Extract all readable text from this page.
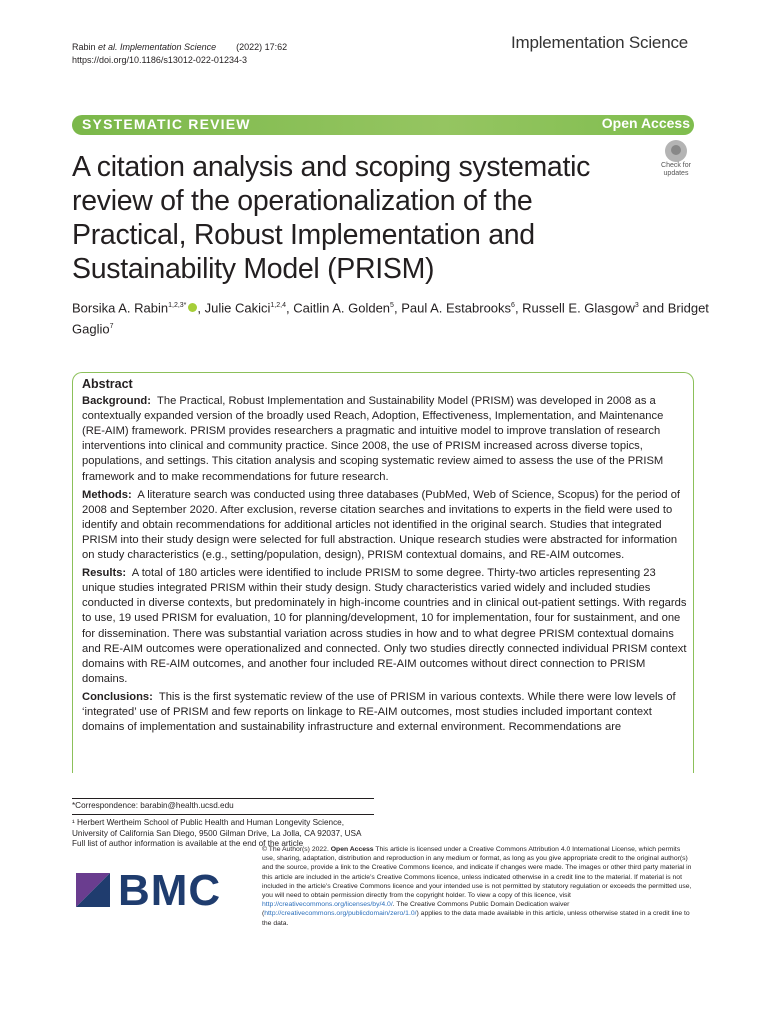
Rabin et al. Implementation Science (2022) 17:62
https://doi.org/10.1186/s13012-022-01234-3
Implementation Science
SYSTEMATIC REVIEW	Open Access
A citation analysis and scoping systematic review of the operationalization of the Practical, Robust Implementation and Sustainability Model (PRISM)
Check for
updates
Borsika A. Rabin$^{1,2,3*}$ , Julie Cakici$^{1,2,4}$, Caitlin A. Golden$^5$, Paul A. Estabrooks$^6$, Russell E. Glasgow$^3$ and Bridget Gaglio$^7$
Abstract

Background: The Practical, Robust Implementation and Sustainability Model (PRISM) was developed in 2008 as a contextually expanded version of the broadly used Reach, Adoption, Effectiveness, Implementation, and Maintenance (RE-AIM) framework. PRISM provides researchers a pragmatic and intuitive model to improve translation of research interventions into clinical and community practice. Since 2008, the use of PRISM increased across diverse topics, populations, and settings. This citation analysis and scoping systematic review aimed to assess the use of the PRISM framework and to make recommendations for future research.

Methods: A literature search was conducted using three databases (PubMed, Web of Science, Scopus) for the period of 2008 and September 2020. After exclusion, reverse citation searches and invitations to experts in the field were used to identify and obtain recommendations for additional articles not identified in the original search. Studies that integrated PRISM into their study design were selected for full abstraction. Unique research studies were abstracted for information on study characteristics (e.g., setting/population, design), PRISM contextual domains, and RE-AIM outcomes.

Results: A total of 180 articles were identified to include PRISM to some degree. Thirty-two articles representing 23 unique studies integrated PRISM within their study design. Study characteristics varied widely and included studies conducted in diverse contexts, but predominately in high-income countries and in clinical out-patient settings. With regards to use, 19 used PRISM for evaluation, 10 for planning/development, 10 for implementation, four for sustainment, and one for dissemination. There was substantial variation across studies in how and to what degree PRISM contextual domains and RE-AIM outcomes were operationalized and connected. Only two studies directly connected individual PRISM context domains with RE-AIM outcomes, and another four included RE-AIM outcomes without direct connection to PRISM domains.

Conclusions: This is the first systematic review of the use of PRISM in various contexts. While there were low levels of ‘integrated’ use of PRISM and few reports on linkage to RE-AIM outcomes, most studies included important context domains of implementation and sustainability infrastructure and external environment. Recommendations are

*Correspondence: barabin@health.ucsd.edu
¹ Herbert Wertheim School of Public Health and Human Longevity Science,
University of California San Diego, 9500 Gilman Drive, La Jolla, CA 92037, USA
Full list of author information is available at the end of the article
BMC
© The Author(s) 2022. Open Access This article is licensed under a Creative Commons Attribution 4.0 International License, which permits use, sharing, adaptation, distribution and reproduction in any medium or format, as long as you give appropriate credit to the original author(s) and the source, provide a link to the Creative Commons licence, and indicate if changes were made. The images or other third party material in this article are included in the article’s Creative Commons licence, unless indicated otherwise in a credit line to the material. If material is not included in the article’s Creative Commons licence and your intended use is not permitted by statutory regulation or exceeds the permitted use, you will need to obtain permission directly from the copyright holder. To view a copy of this licence, visit http://creativecommons.org/licenses/by/4.0/. The Creative Commons Public Domain Dedication waiver (http://creativecommons.org/publicdomain/zero/1.0/) applies to the data made available in this article, unless otherwise stated in a credit line to the data.
